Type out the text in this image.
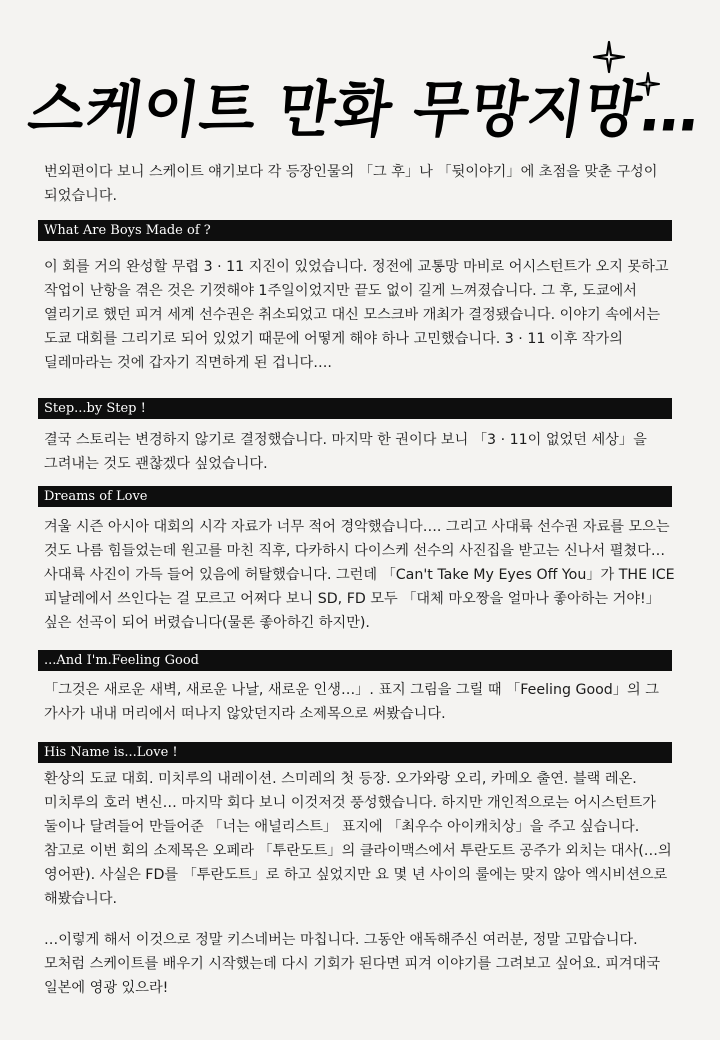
스케이트 만화 무망지망…

번외편이다 보니 스케이트 얘기보다 각 등장인물의 「그 후」나 「뒷이야기」에 초점을 맞춘 구성이 되었습니다.

What Are Boys Made of ?

이 회를 거의 완성할 무렵 3 · 11 지진이 있었습니다. 정전에 교통망 마비로 어시스턴트가 오지 못하고 작업이 난항을 겪은 것은 기껏해야 1주일이었지만 끝도 없이 길게 느껴졌습니다. 그 후, 도쿄에서 열리기로 했던 피겨 세계 선수권은 취소되었고 대신 모스크바 개최가 결정됐습니다. 이야기 속에서는 도쿄 대회를 그리기로 되어 있었기 때문에 어떻게 해야 하나 고민했습니다. 3 · 11 이후 작가의 딜레마라는 것에 갑자기 직면하게 된 겁니다….

Step...by Step !

결국 스토리는 변경하지 않기로 결정했습니다. 마지막 한 권이다 보니 「3 · 11이 없었던 세상」을 그려내는 것도 괜찮겠다 싶었습니다.

Dreams of Love

겨울 시즌 아시아 대회의 시각 자료가 너무 적어 경악했습니다…. 그리고 사대륙 선수권 자료를 모으는 것도 나름 힘들었는데 원고를 마친 직후, 다카하시 다이스케 선수의 사진집을 받고는 신나서 펼쳤다… 사대륙 사진이 가득 들어 있음에 허탈했습니다. 그런데 「Can't Take My Eyes Off You」가 THE ICE 피날레에서 쓰인다는 걸 모르고 어쩌다 보니 SD, FD 모두 「대체 마오짱을 얼마나 좋아하는 거야!」 싶은 선곡이 되어 버렸습니다(물론 좋아하긴 하지만).

...And I'm.Feeling Good

「그것은 새로운 새벽, 새로운 나날, 새로운 인생…」. 표지 그림을 그릴 때 「Feeling Good」의 그 가사가 내내 머리에서 떠나지 않았던지라 소제목으로 써봤습니다.

His Name is...Love !

환상의 도쿄 대회. 미치루의 내레이션. 스미레의 첫 등장. 오가와랑 오리, 카메오 출연. 블랙 레온. 미치루의 호러 변신… 마지막 회다 보니 이것저것 풍성했습니다. 하지만 개인적으로는 어시스턴트가 둘이나 달려들어 만들어준 「너는 애널리스트」 표지에 「최우수 아이캐치상」을 주고 싶습니다. 참고로 이번 회의 소제목은 오페라 「투란도트」의 클라이맥스에서 투란도트 공주가 외치는 대사(…의 영어판). 사실은 FD를 「투란도트」로 하고 싶었지만 요 몇 년 사이의 룰에는 맞지 않아 엑시비션으로 해봤습니다.

…이렇게 해서 이것으로 정말 키스네버는 마칩니다. 그동안 애독해주신 여러분, 정말 고맙습니다. 모처럼 스케이트를 배우기 시작했는데 다시 기회가 된다면 피겨 이야기를 그려보고 싶어요. 피겨대국 일본에 영광 있으라!
